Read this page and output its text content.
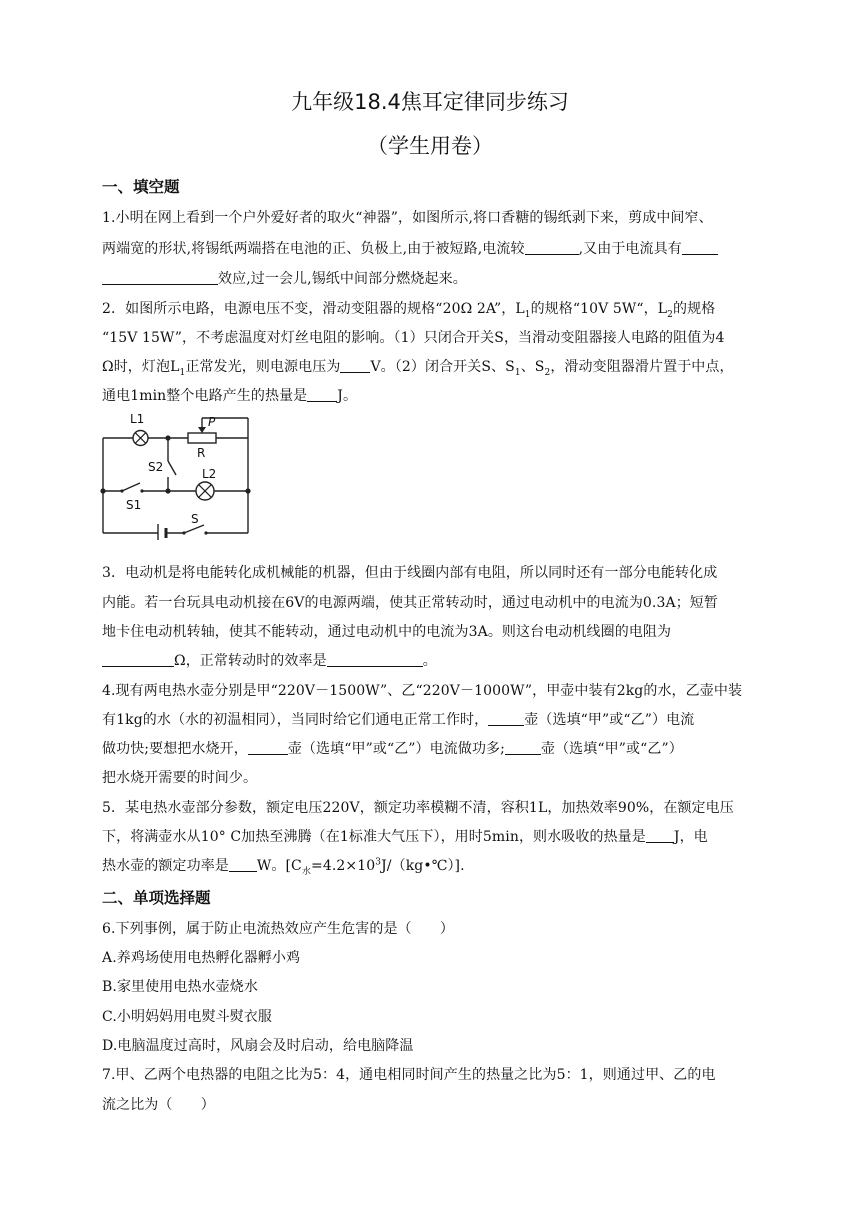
九年级18.4焦耳定律同步练习
（学生用卷）
一、填空题
1.小明在网上看到一个户外爱好者的取火“神器”，如图所示,将口香糖的锡纸剥下来，剪成中间窄、
两端宽的形状,将锡纸两端搭在电池的正、负极上,由于被短路,电流较	,又由于电流具有
效应,过一会儿,锡纸中间部分燃烧起来。
2．如图所示电路，电源电压不变，滑动变阻器的规格“20Ω 2A”，$L_1$的规格“10V 5W“，$L_2$的规格
“15V 15W”，不考虑温度对灯丝电阻的影响。（1）只闭合开关S，当滑动变阻器接人电路的阻值为4
Ω时，灯泡$L_1$正常发光，则电源电压为 V。（2）闭合开关S、$S_1$、$S_2$，滑动变阻器滑片置于中点，
通电1min整个电路产生的热量是 J。
L1	P
R
S2	L2
S1
S
3．电动机是将电能转化成机械能的机器，但由于线圈内部有电阻，所以同时还有一部分电能转化成
内能。若一台玩具电动机接在6V的电源两端，使其正常转动时，通过电动机中的电流为0.3A；短暂
地卡住电动机转轴，使其不能转动，通过电动机中的电流为3A。则这台电动机线圈的电阻为
Ω，正常转动时的效率是	。
4.现有两电热水壶分别是甲“220V－1500W”、乙“220V－1000W”，甲壶中装有2kg的水，乙壶中装
有1kg的水（水的初温相同），当同时给它们通电正常工作时，	壶（选填“甲”或“乙”）电流
做功快;要想把水烧开，	壶（选填“甲”或“乙”）电流做功多;	壶（选填“甲”或“乙”）
把水烧开需要的时间少。
5．某电热水壶部分参数，额定电压220V，额定功率模糊不清，容积1L，加热效率90%，在额定电压
下，将满壶水从10° C加热至沸腾（在1标准大气压下），用时5min，则水吸收的热量是 J，电
热水壶的额定功率是 W。$[C_水=4.2\times 10^3J/(kg•℃)]$.
二、单项选择题
6.下列事例，属于防止电流热效应产生危害的是（　　）
A.养鸡场使用电热孵化器孵小鸡
B.家里使用电热水壶烧水
C.小明妈妈用电熨斗熨衣服
D.电脑温度过高时，风扇会及时启动，给电脑降温
7.甲、乙两个电热器的电阻之比为5：4，通电相同时间产生的热量之比为5：1，则通过甲、乙的电
流之比为（　　）
